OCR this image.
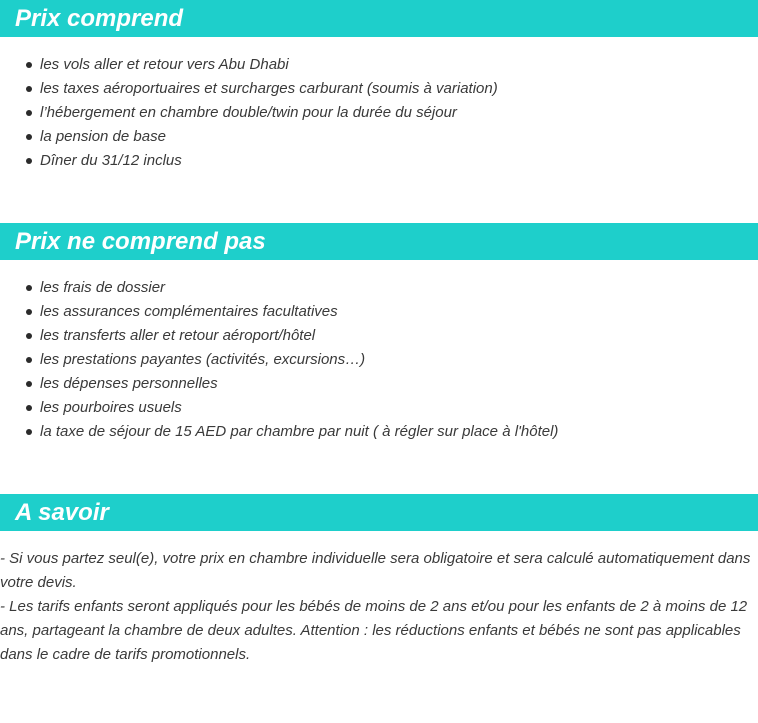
Prix comprend
les vols aller et retour vers Abu Dhabi
les taxes aéroportuaires et surcharges carburant (soumis à variation)
l’hébergement en chambre double/twin pour la durée du séjour
la pension de base
Dîner du 31/12 inclus
Prix ne comprend pas
les frais de dossier
les assurances complémentaires facultatives
les transferts aller et retour aéroport/hôtel
les prestations payantes (activités, excursions…)
les dépenses personnelles
les pourboires usuels
la taxe de séjour de 15 AED par chambre par nuit ( à régler sur place à l'hôtel)
A savoir

- Si vous partez seul(e), votre prix en chambre individuelle sera obligatoire et sera calculé automatiquement dans votre devis.

- Les tarifs enfants seront appliqués pour les bébés de moins de 2 ans et/ou pour les enfants de 2 à moins de 12 ans, partageant la chambre de deux adultes. Attention : les réductions enfants et bébés ne sont pas applicables dans le cadre de tarifs promotionnels.
